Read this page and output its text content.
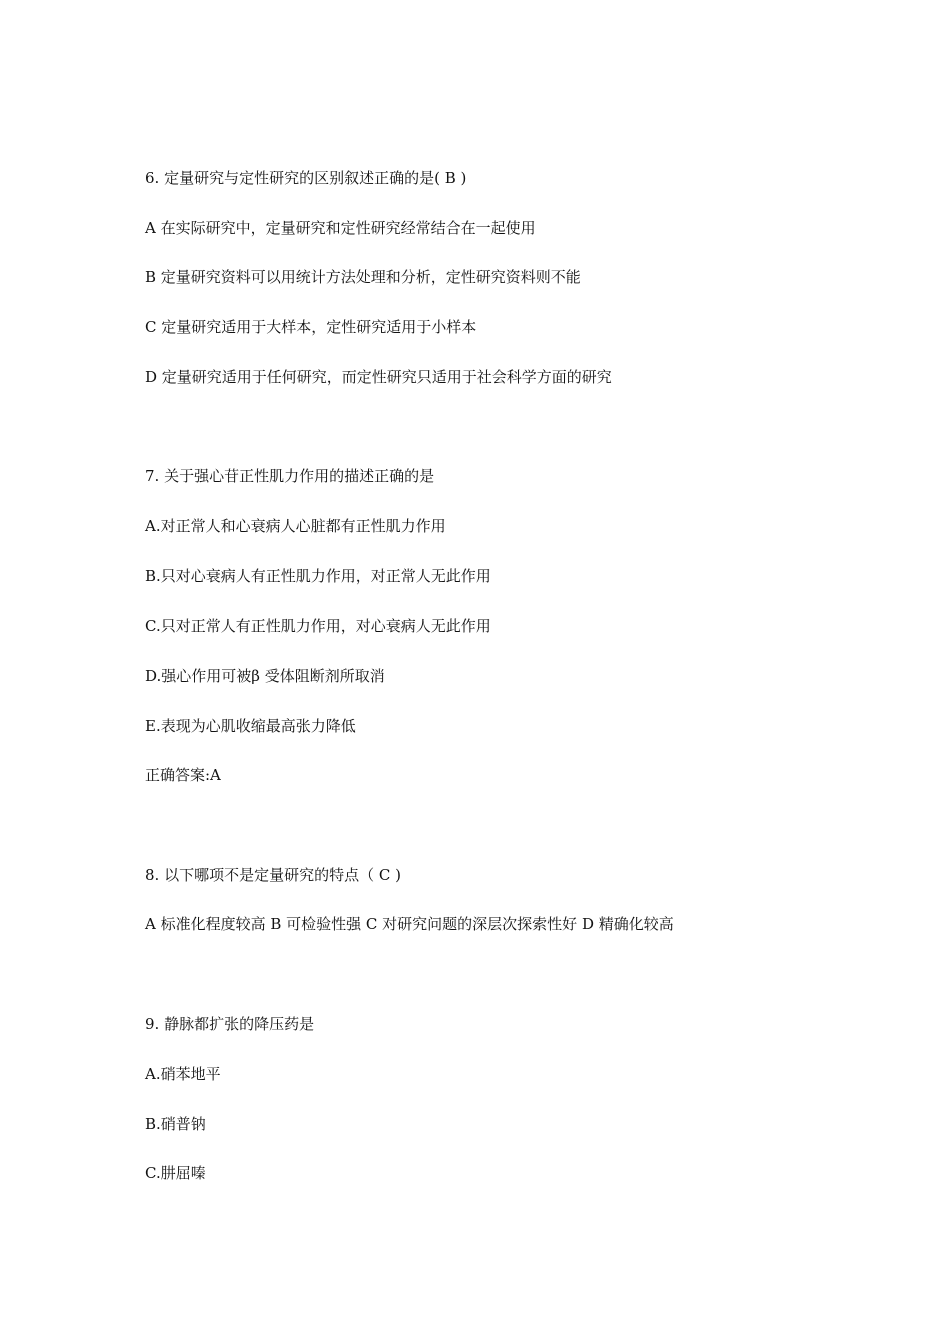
6. 定量研究与定性研究的区别叙述正确的是( B )
A 在实际研究中，定量研究和定性研究经常结合在一起使用
B 定量研究资料可以用统计方法处理和分析，定性研究资料则不能
C 定量研究适用于大样本，定性研究适用于小样本
D 定量研究适用于任何研究，而定性研究只适用于社会科学方面的研究
7. 关于强心苷正性肌力作用的描述正确的是
A.对正常人和心衰病人心脏都有正性肌力作用
B.只对心衰病人有正性肌力作用，对正常人无此作用
C.只对正常人有正性肌力作用，对心衰病人无此作用
D.强心作用可被β 受体阻断剂所取消
E.表现为心肌收缩最高张力降低
正确答案:A
8. 以下哪项不是定量研究的特点（ C )
A 标准化程度较高 B 可检验性强 C 对研究问题的深层次探索性好 D 精确化较高
9. 静脉都扩张的降压药是
A.硝苯地平
B.硝普钠
C.肼屈嗪
